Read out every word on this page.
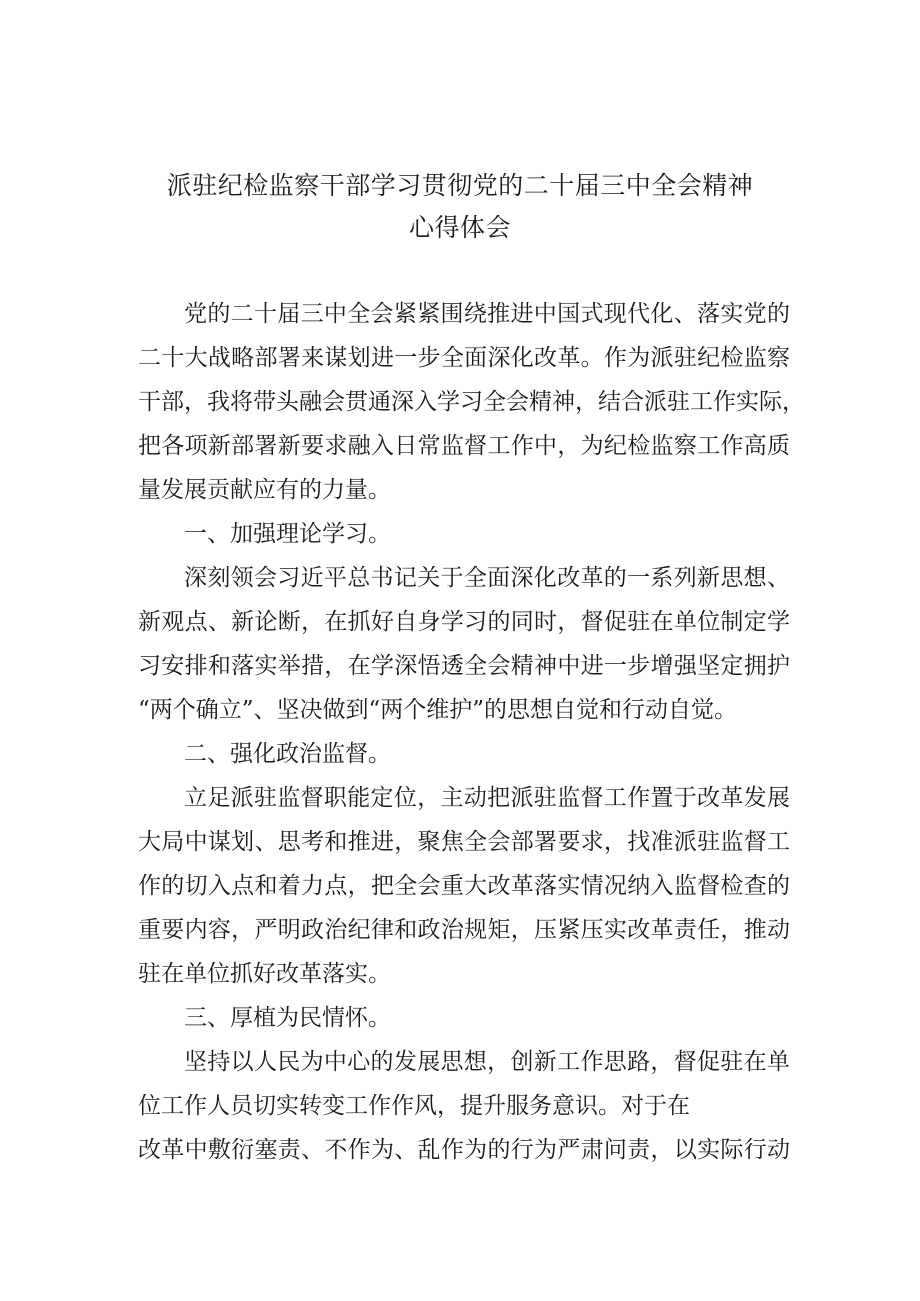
派驻纪检监察干部学习贯彻党的二十届三中全会精神
心得体会
党的二十届三中全会紧紧围绕推进中国式现代化、落实党的
二十大战略部署来谋划进一步全面深化改革。作为派驻纪检监察
干部，我将带头融会贯通深入学习全会精神，结合派驻工作实际，
把各项新部署新要求融入日常监督工作中，为纪检监察工作高质
量发展贡献应有的力量。
一、加强理论学习。
深刻领会习近平总书记关于全面深化改革的一系列新思想、
新观点、新论断，在抓好自身学习的同时，督促驻在单位制定学
习安排和落实举措，在学深悟透全会精神中进一步增强坚定拥护
“两个确立”、坚决做到“两个维护”的思想自觉和行动自觉。
二、强化政治监督。
立足派驻监督职能定位，主动把派驻监督工作置于改革发展
大局中谋划、思考和推进，聚焦全会部署要求，找准派驻监督工
作的切入点和着力点，把全会重大改革落实情况纳入监督检查的
重要内容，严明政治纪律和政治规矩，压紧压实改革责任，推动
驻在单位抓好改革落实。
三、厚植为民情怀。
坚持以人民为中心的发展思想，创新工作思路，督促驻在单
位工作人员切实转变工作作风，提升服务意识。对于在
改革中敷衍塞责、不作为、乱作为的行为严肃问责，以实际行动
